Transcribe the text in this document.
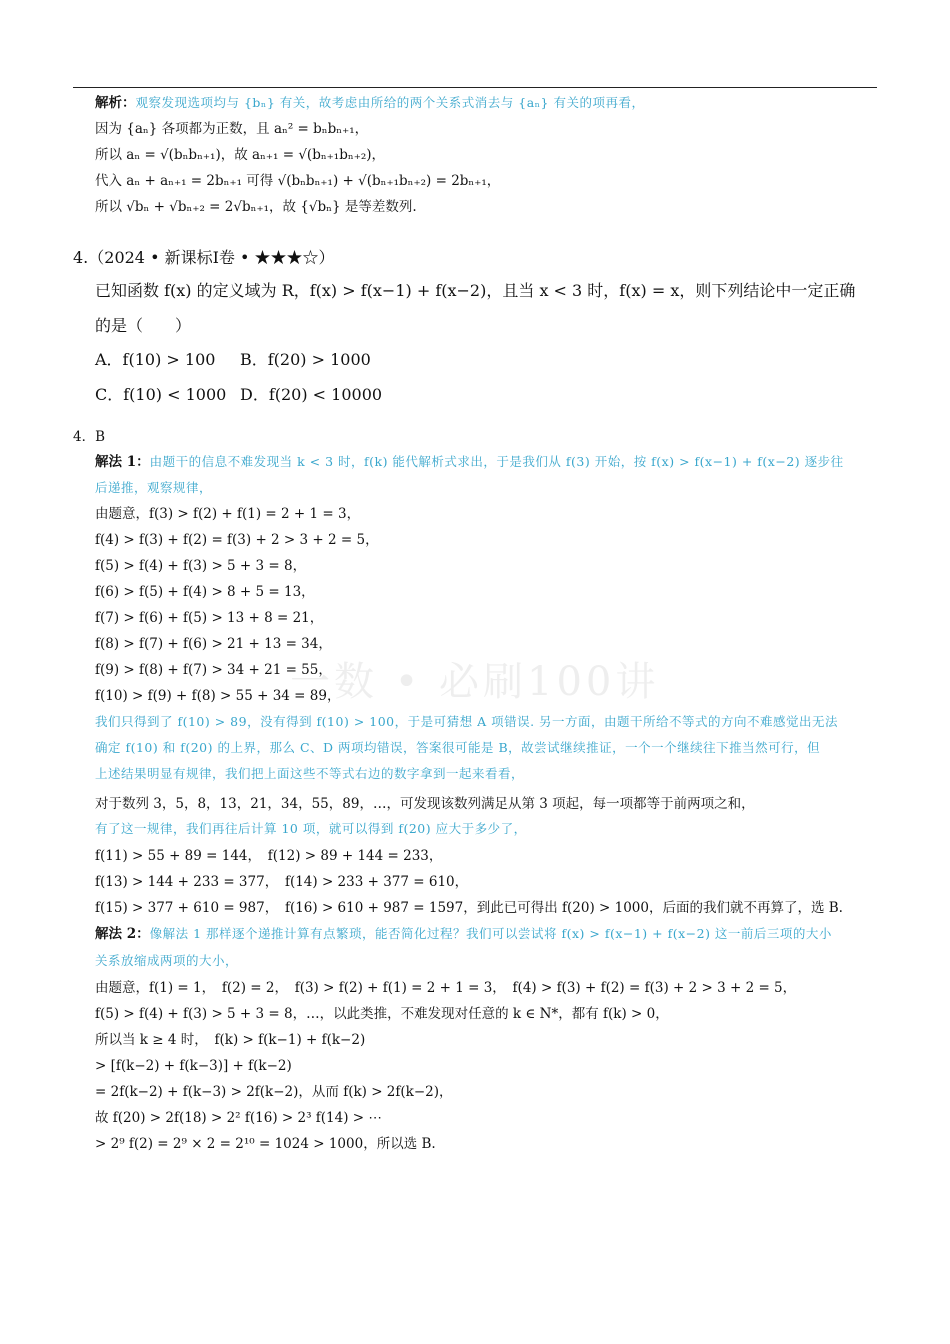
一数 • 必刷100讲
解析：观察发现选项均与 {bₙ} 有关，故考虑由所给的两个关系式消去与 {aₙ} 有关的项再看，
因为 {aₙ} 各项都为正数，且 aₙ² = bₙbₙ₊₁，
所以 aₙ = √(bₙbₙ₊₁)，故 aₙ₊₁ = √(bₙ₊₁bₙ₊₂)，
代入 aₙ + aₙ₊₁ = 2bₙ₊₁ 可得 √(bₙbₙ₊₁) + √(bₙ₊₁bₙ₊₂) = 2bₙ₊₁，
所以 √bₙ + √bₙ₊₂ = 2√bₙ₊₁，故 {√bₙ} 是等差数列.
4.（2024 • 新课标Ⅰ卷 • ★★★☆）
已知函数 f(x) 的定义域为 R，f(x) > f(x−1) + f(x−2)，且当 x < 3 时，f(x) = x，则下列结论中一定正确
的是（　　）
A．f(10) > 100 B．f(20) > 1000
C．f(10) < 1000 D．f(20) < 10000
4．B
解法 1：由题干的信息不难发现当 k < 3 时，f(k) 能代解析式求出，于是我们从 f(3) 开始，按 f(x) > f(x−1) + f(x−2) 逐步往
后递推，观察规律，
由题意，f(3) > f(2) + f(1) = 2 + 1 = 3，
f(4) > f(3) + f(2) = f(3) + 2 > 3 + 2 = 5，
f(5) > f(4) + f(3) > 5 + 3 = 8，
f(6) > f(5) + f(4) > 8 + 5 = 13，
f(7) > f(6) + f(5) > 13 + 8 = 21，
f(8) > f(7) + f(6) > 21 + 13 = 34，
f(9) > f(8) + f(7) > 34 + 21 = 55，
f(10) > f(9) + f(8) > 55 + 34 = 89，
我们只得到了 f(10) > 89，没有得到 f(10) > 100，于是可猜想 A 项错误. 另一方面，由题干所给不等式的方向不难感觉出无法
确定 f(10) 和 f(20) 的上界，那么 C、D 两项均错误，答案很可能是 B，故尝试继续推证，一个一个继续往下推当然可行，但
上述结果明显有规律，我们把上面这些不等式右边的数字拿到一起来看看，
对于数列 3，5，8，13，21，34，55，89，…，可发现该数列满足从第 3 项起，每一项都等于前两项之和，
有了这一规律，我们再往后计算 10 项，就可以得到 f(20) 应大于多少了，
f(11) > 55 + 89 = 144，　f(12) > 89 + 144 = 233，
f(13) > 144 + 233 = 377，　f(14) > 233 + 377 = 610，
f(15) > 377 + 610 = 987，　f(16) > 610 + 987 = 1597，到此已可得出 f(20) > 1000，后面的我们就不再算了，选 B.
解法 2：像解法 1 那样逐个递推计算有点繁琐，能否简化过程？我们可以尝试将 f(x) > f(x−1) + f(x−2) 这一前后三项的大小
关系放缩成两项的大小，
由题意，f(1) = 1，　f(2) = 2，　f(3) > f(2) + f(1) = 2 + 1 = 3，　f(4) > f(3) + f(2) = f(3) + 2 > 3 + 2 = 5，
f(5) > f(4) + f(3) > 5 + 3 = 8，…，以此类推，不难发现对任意的 k ∈ N*，都有 f(k) > 0，
所以当 k ≥ 4 时，　f(k) > f(k−1) + f(k−2)
> [f(k−2) + f(k−3)] + f(k−2)
= 2f(k−2) + f(k−3) > 2f(k−2)，从而 f(k) > 2f(k−2)，
故 f(20) > 2f(18) > 2² f(16) > 2³ f(14) > ⋯
> 2⁹ f(2) = 2⁹ × 2 = 2¹⁰ = 1024 > 1000，所以选 B.
